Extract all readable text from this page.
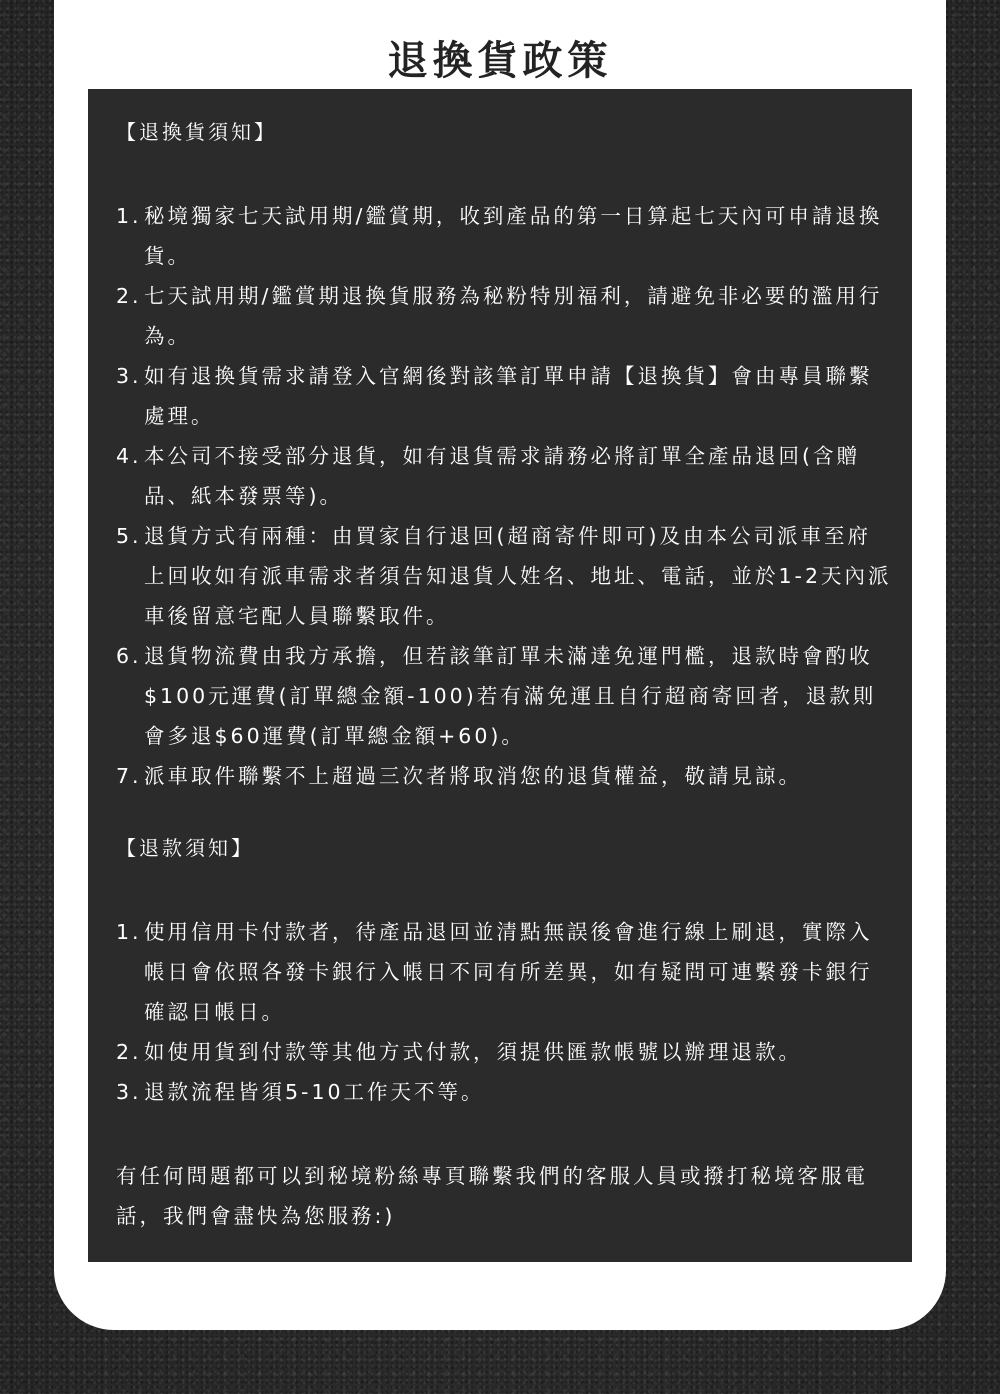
退換貨政策

【退換貨須知】

1. 秘境獨家七天試用期/鑑賞期，收到產品的第一日算起七天內可申請退換貨。
2. 七天試用期/鑑賞期退換貨服務為秘粉特別福利，請避免非必要的濫用行為。
3. 如有退換貨需求請登入官網後對該筆訂單申請【退換貨】會由專員聯繫處理。
4. 本公司不接受部分退貨，如有退貨需求請務必將訂單全產品退回(含贈品、紙本發票等)。
5. 退貨方式有兩種：由買家自行退回(超商寄件即可)及由本公司派車至府上回收如有派車需求者須告知退貨人姓名、地址、電話，並於1-2天內派車後留意宅配人員聯繫取件。
6. 退貨物流費由我方承擔，但若該筆訂單未滿達免運門檻，退款時會酌收$100元運費(訂單總金額-100)若有滿免運且自行超商寄回者，退款則會多退$60運費(訂單總金額+60)。
7. 派車取件聯繫不上超過三次者將取消您的退貨權益，敬請見諒。

【退款須知】

1. 使用信用卡付款者，待產品退回並清點無誤後會進行線上刷退，實際入帳日會依照各發卡銀行入帳日不同有所差異，如有疑問可連繫發卡銀行確認日帳日。
2. 如使用貨到付款等其他方式付款，須提供匯款帳號以辦理退款。
3. 退款流程皆須5-10工作天不等。

有任何問題都可以到秘境粉絲專頁聯繫我們的客服人員或撥打秘境客服電話，我們會盡快為您服務:)
